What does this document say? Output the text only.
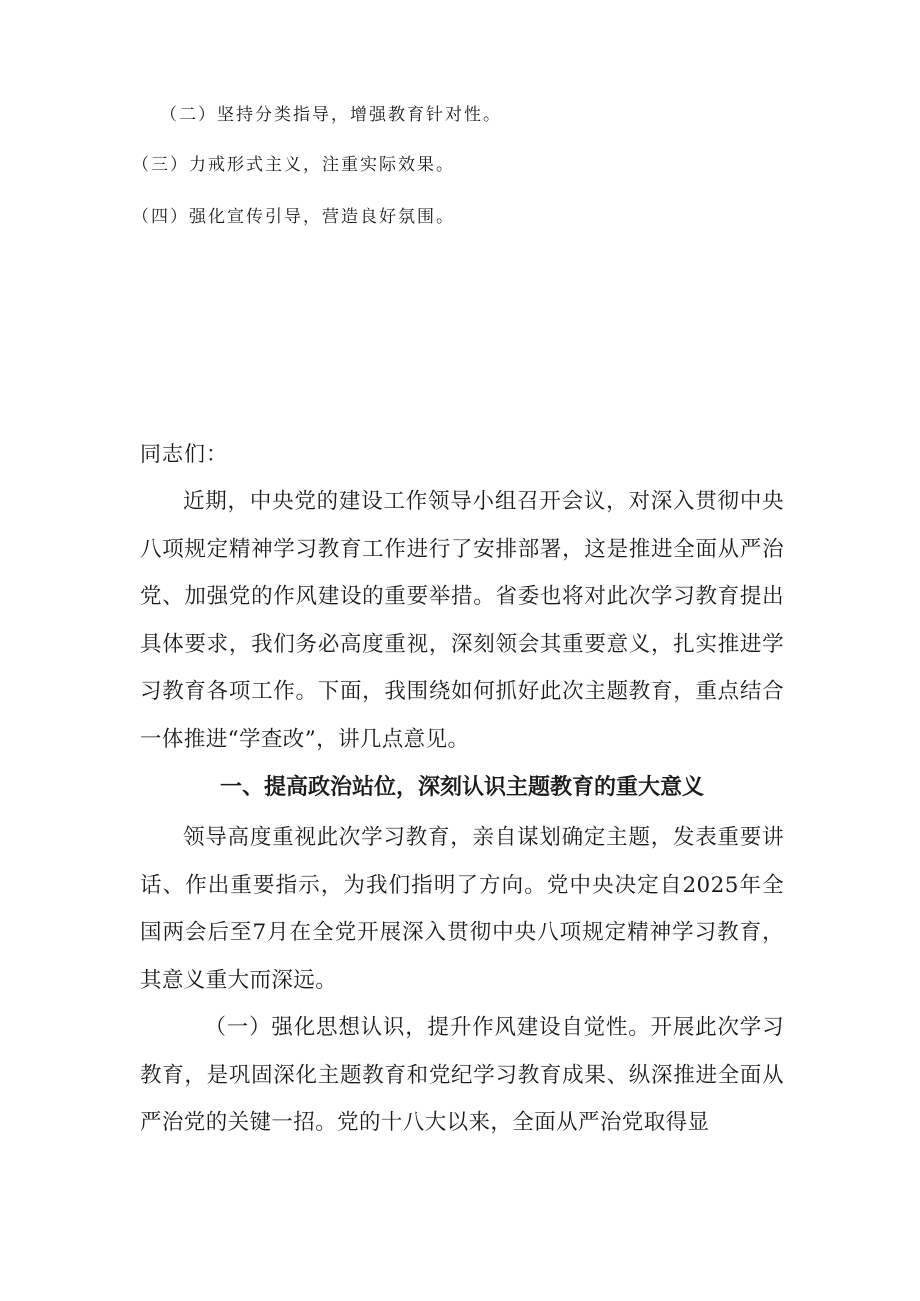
（二）坚持分类指导，增强教育针对性。
（三）力戒形式主义，注重实际效果。
（四）强化宣传引导，营造良好氛围。
同志们：

近期，中央党的建设工作领导小组召开会议，对深入贯彻中央八项规定精神学习教育工作进行了安排部署，这是推进全面从严治党、加强党的作风建设的重要举措。省委也将对此次学习教育提出具体要求，我们务必高度重视，深刻领会其重要意义，扎实推进学习教育各项工作。下面，我围绕如何抓好此次主题教育，重点结合一体推进“学查改”，讲几点意见。

一、提高政治站位，深刻认识主题教育的重大意义

领导高度重视此次学习教育，亲自谋划确定主题，发表重要讲话、作出重要指示，为我们指明了方向。党中央决定自2025年全国两会后至7月在全党开展深入贯彻中央八项规定精神学习教育，其意义重大而深远。

（一）强化思想认识，提升作风建设自觉性。开展此次学习教育，是巩固深化主题教育和党纪学习教育成果、纵深推进全面从严治党的关键一招。党的十八大以来，全面从严治党取得显
